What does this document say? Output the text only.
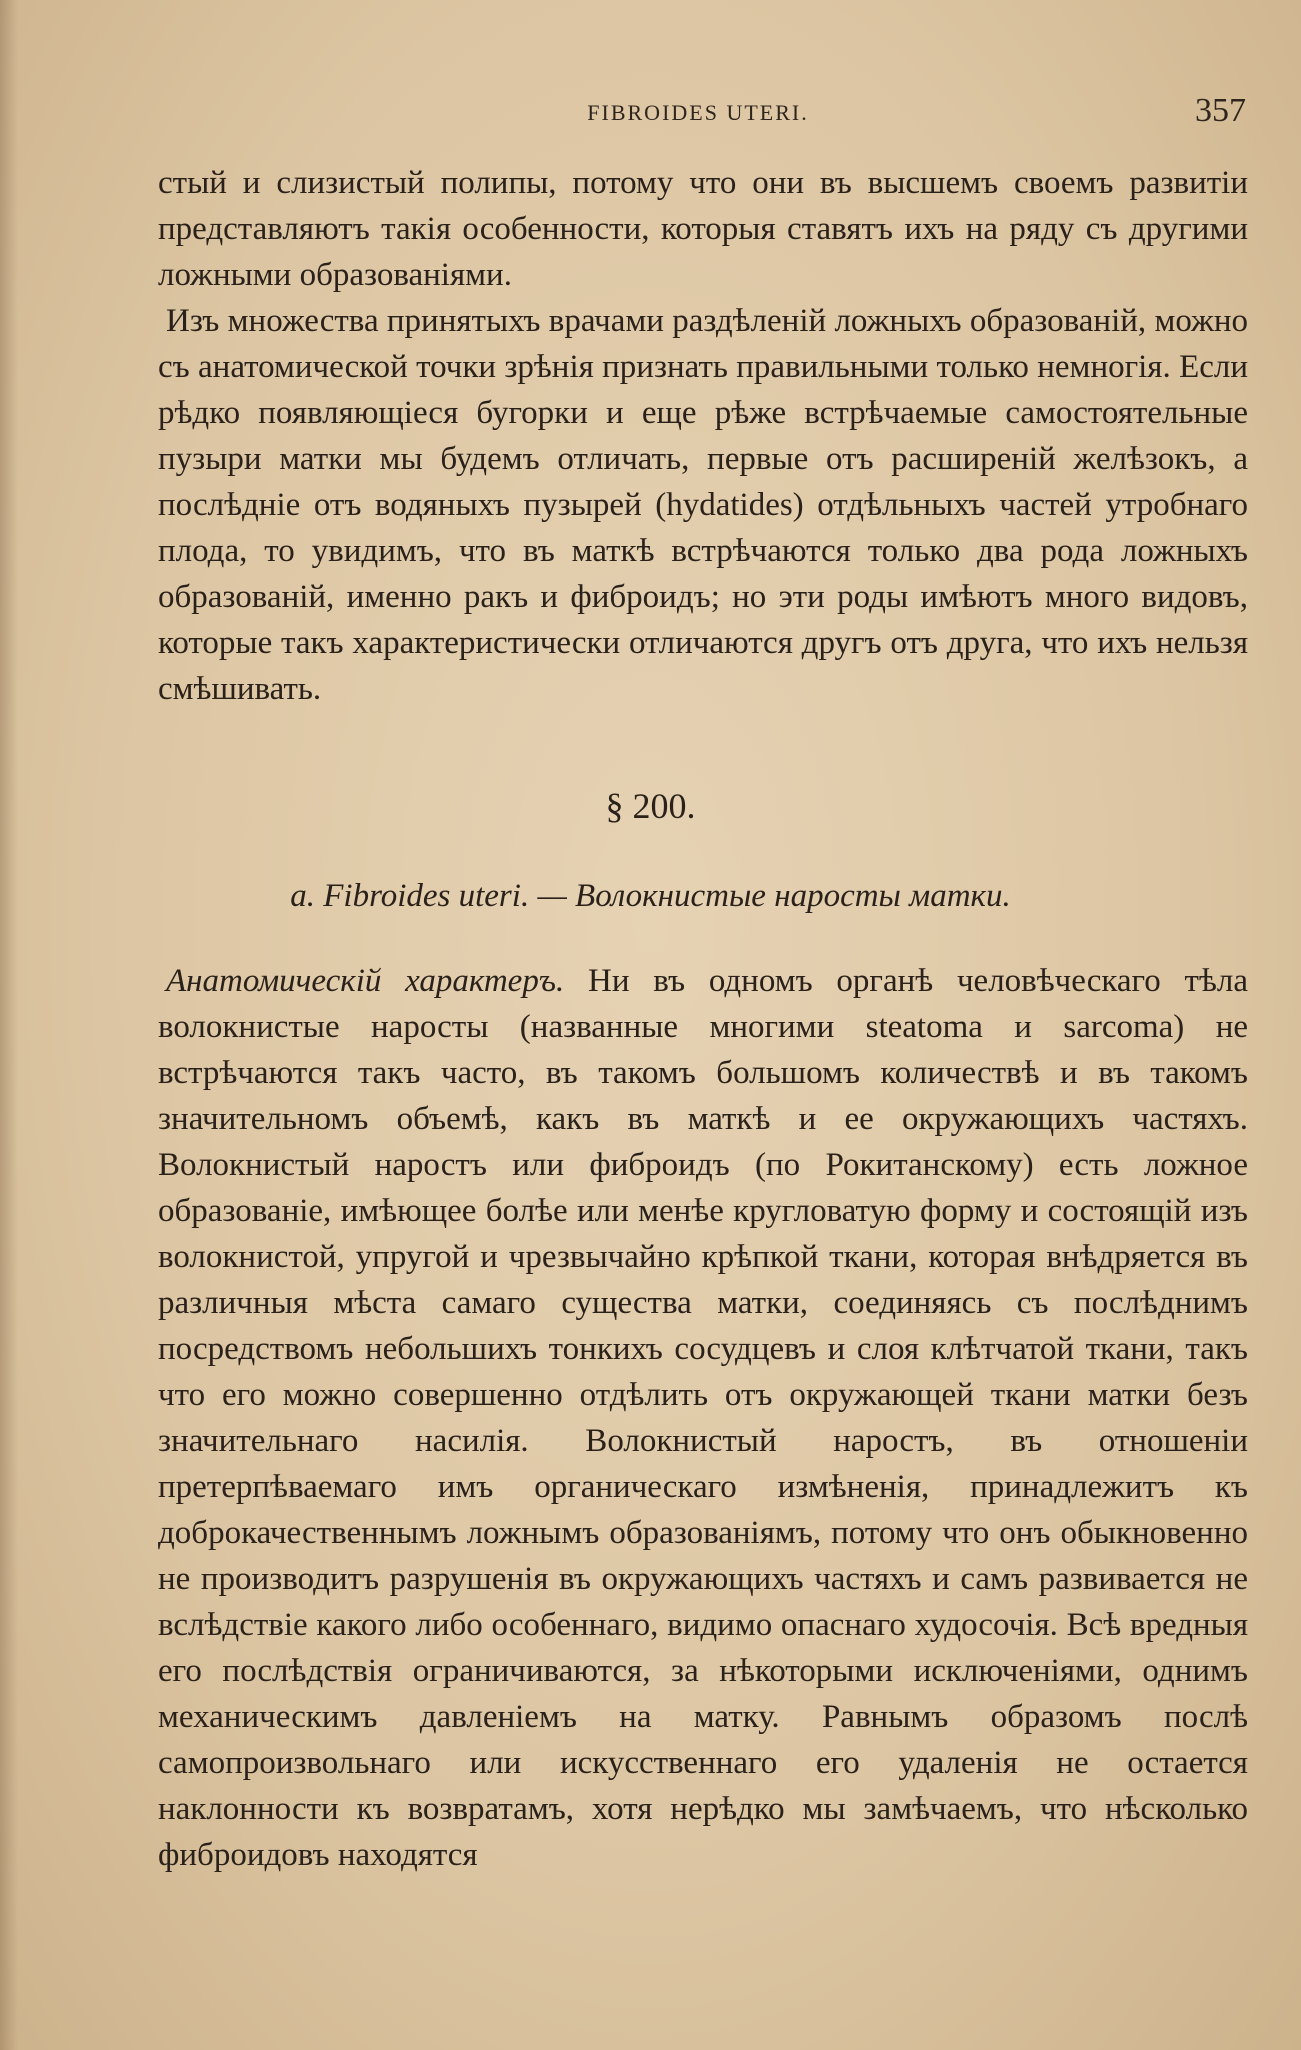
FIBROIDES UTERI.	357

стый и слизистый полипы, потому что они въ высшемъ своемъ развитіи представляютъ такія особенности, которыя ставятъ ихъ на ряду съ другими ложными образованіями.

Изъ множества принятыхъ врачами раздѣленій ложныхъ образованій, можно съ анатомической точки зрѣнія признать правильными только немногія. Если рѣдко появляющіеся бугорки и еще рѣже встрѣчаемые самостоятельные пузыри матки мы будемъ отличать, первые отъ расширеній желѣзокъ, а послѣдніе отъ водяныхъ пузырей (hydatides) отдѣльныхъ частей утробнаго плода, то увидимъ, что въ маткѣ встрѣчаются только два рода ложныхъ образованій, именно ракъ и фиброидъ; но эти роды имѣютъ много видовъ, которые такъ характеристически отличаются другъ отъ друга, что ихъ нельзя смѣшивать.

§ 200.
a. Fibroides uteri. — Волокнистые наросты матки.

Анатомическій характеръ. Ни въ одномъ органѣ человѣческаго тѣла волокнистые наросты (названные многими steatoma и sarcoma) не встрѣчаются такъ часто, въ такомъ большомъ количествѣ и въ такомъ значительномъ объемѣ, какъ въ маткѣ и ее окружающихъ частяхъ. Волокнистый наростъ или фиброидъ (по Рокитанскому) есть ложное образованіе, имѣющее болѣе или менѣе кругловатую форму и состоящій изъ волокнистой, упругой и чрезвычайно крѣпкой ткани, которая внѣдряется въ различныя мѣста самаго существа матки, соединяясь съ послѣднимъ посредствомъ небольшихъ тонкихъ сосудцевъ и слоя клѣтчатой ткани, такъ что его можно совершенно отдѣлить отъ окружающей ткани матки безъ значительнаго насилія. Волокнистый наростъ, въ отношеніи претерпѣваемаго имъ органическаго измѣненія, принадлежитъ къ доброкачественнымъ ложнымъ образованіямъ, потому что онъ обыкновенно не производитъ разрушенія въ окружающихъ частяхъ и самъ развивается не вслѣдствіе какого либо особеннаго, видимо опаснаго худосочія. Всѣ вредныя его послѣдствія ограничиваются, за нѣкоторыми исключеніями, однимъ механическимъ давленіемъ на матку. Равнымъ образомъ послѣ самопроизвольнаго или искусственнаго его удаленія не остается наклонности къ возвратамъ, хотя нерѣдко мы замѣчаемъ, что нѣсколько фиброидовъ находятся
